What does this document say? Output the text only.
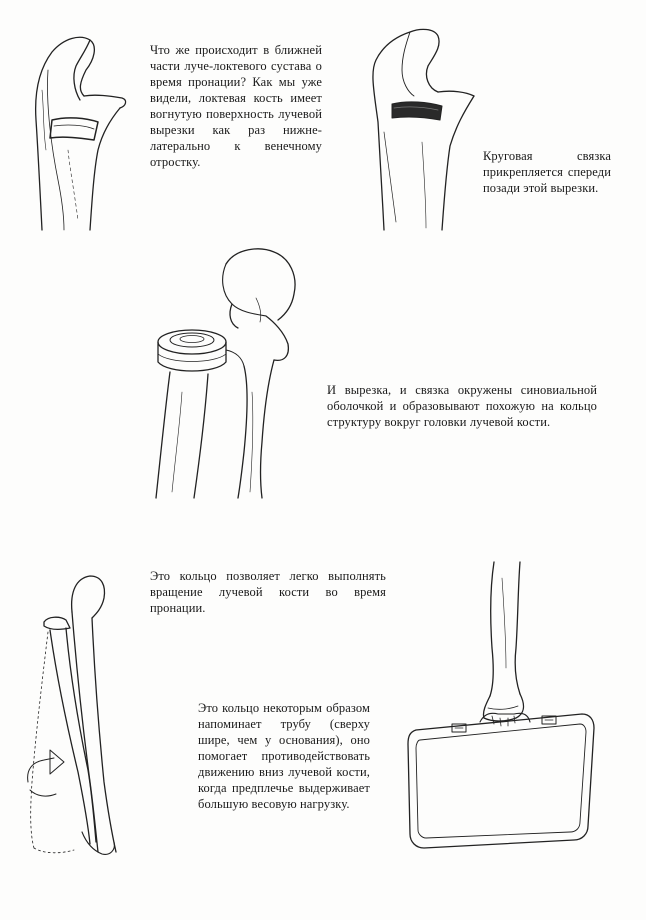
Что же происходит в ближней части луче-локтевого сустава о время пронации? Как мы уже видели, локтевая кость имеет вогнутую поверхность лучевой вырезки как раз нижне-латерально к венечному отростку.	Круговая связка прикрепляется спереди позади этой вырезки.

И вырезка, и связка окружены синовиальной оболочкой и образовывают похожую на кольцо структуру вокруг головки лучевой кости.

Это кольцо позволяет легко выполнять вращение лучевой кости во время пронации.

Это кольцо некоторым образом напоминает трубу (сверху шире, чем у основания), оно помогает противодействовать движению вниз лучевой кости, когда предплечье выдерживает большую весовую нагрузку.
